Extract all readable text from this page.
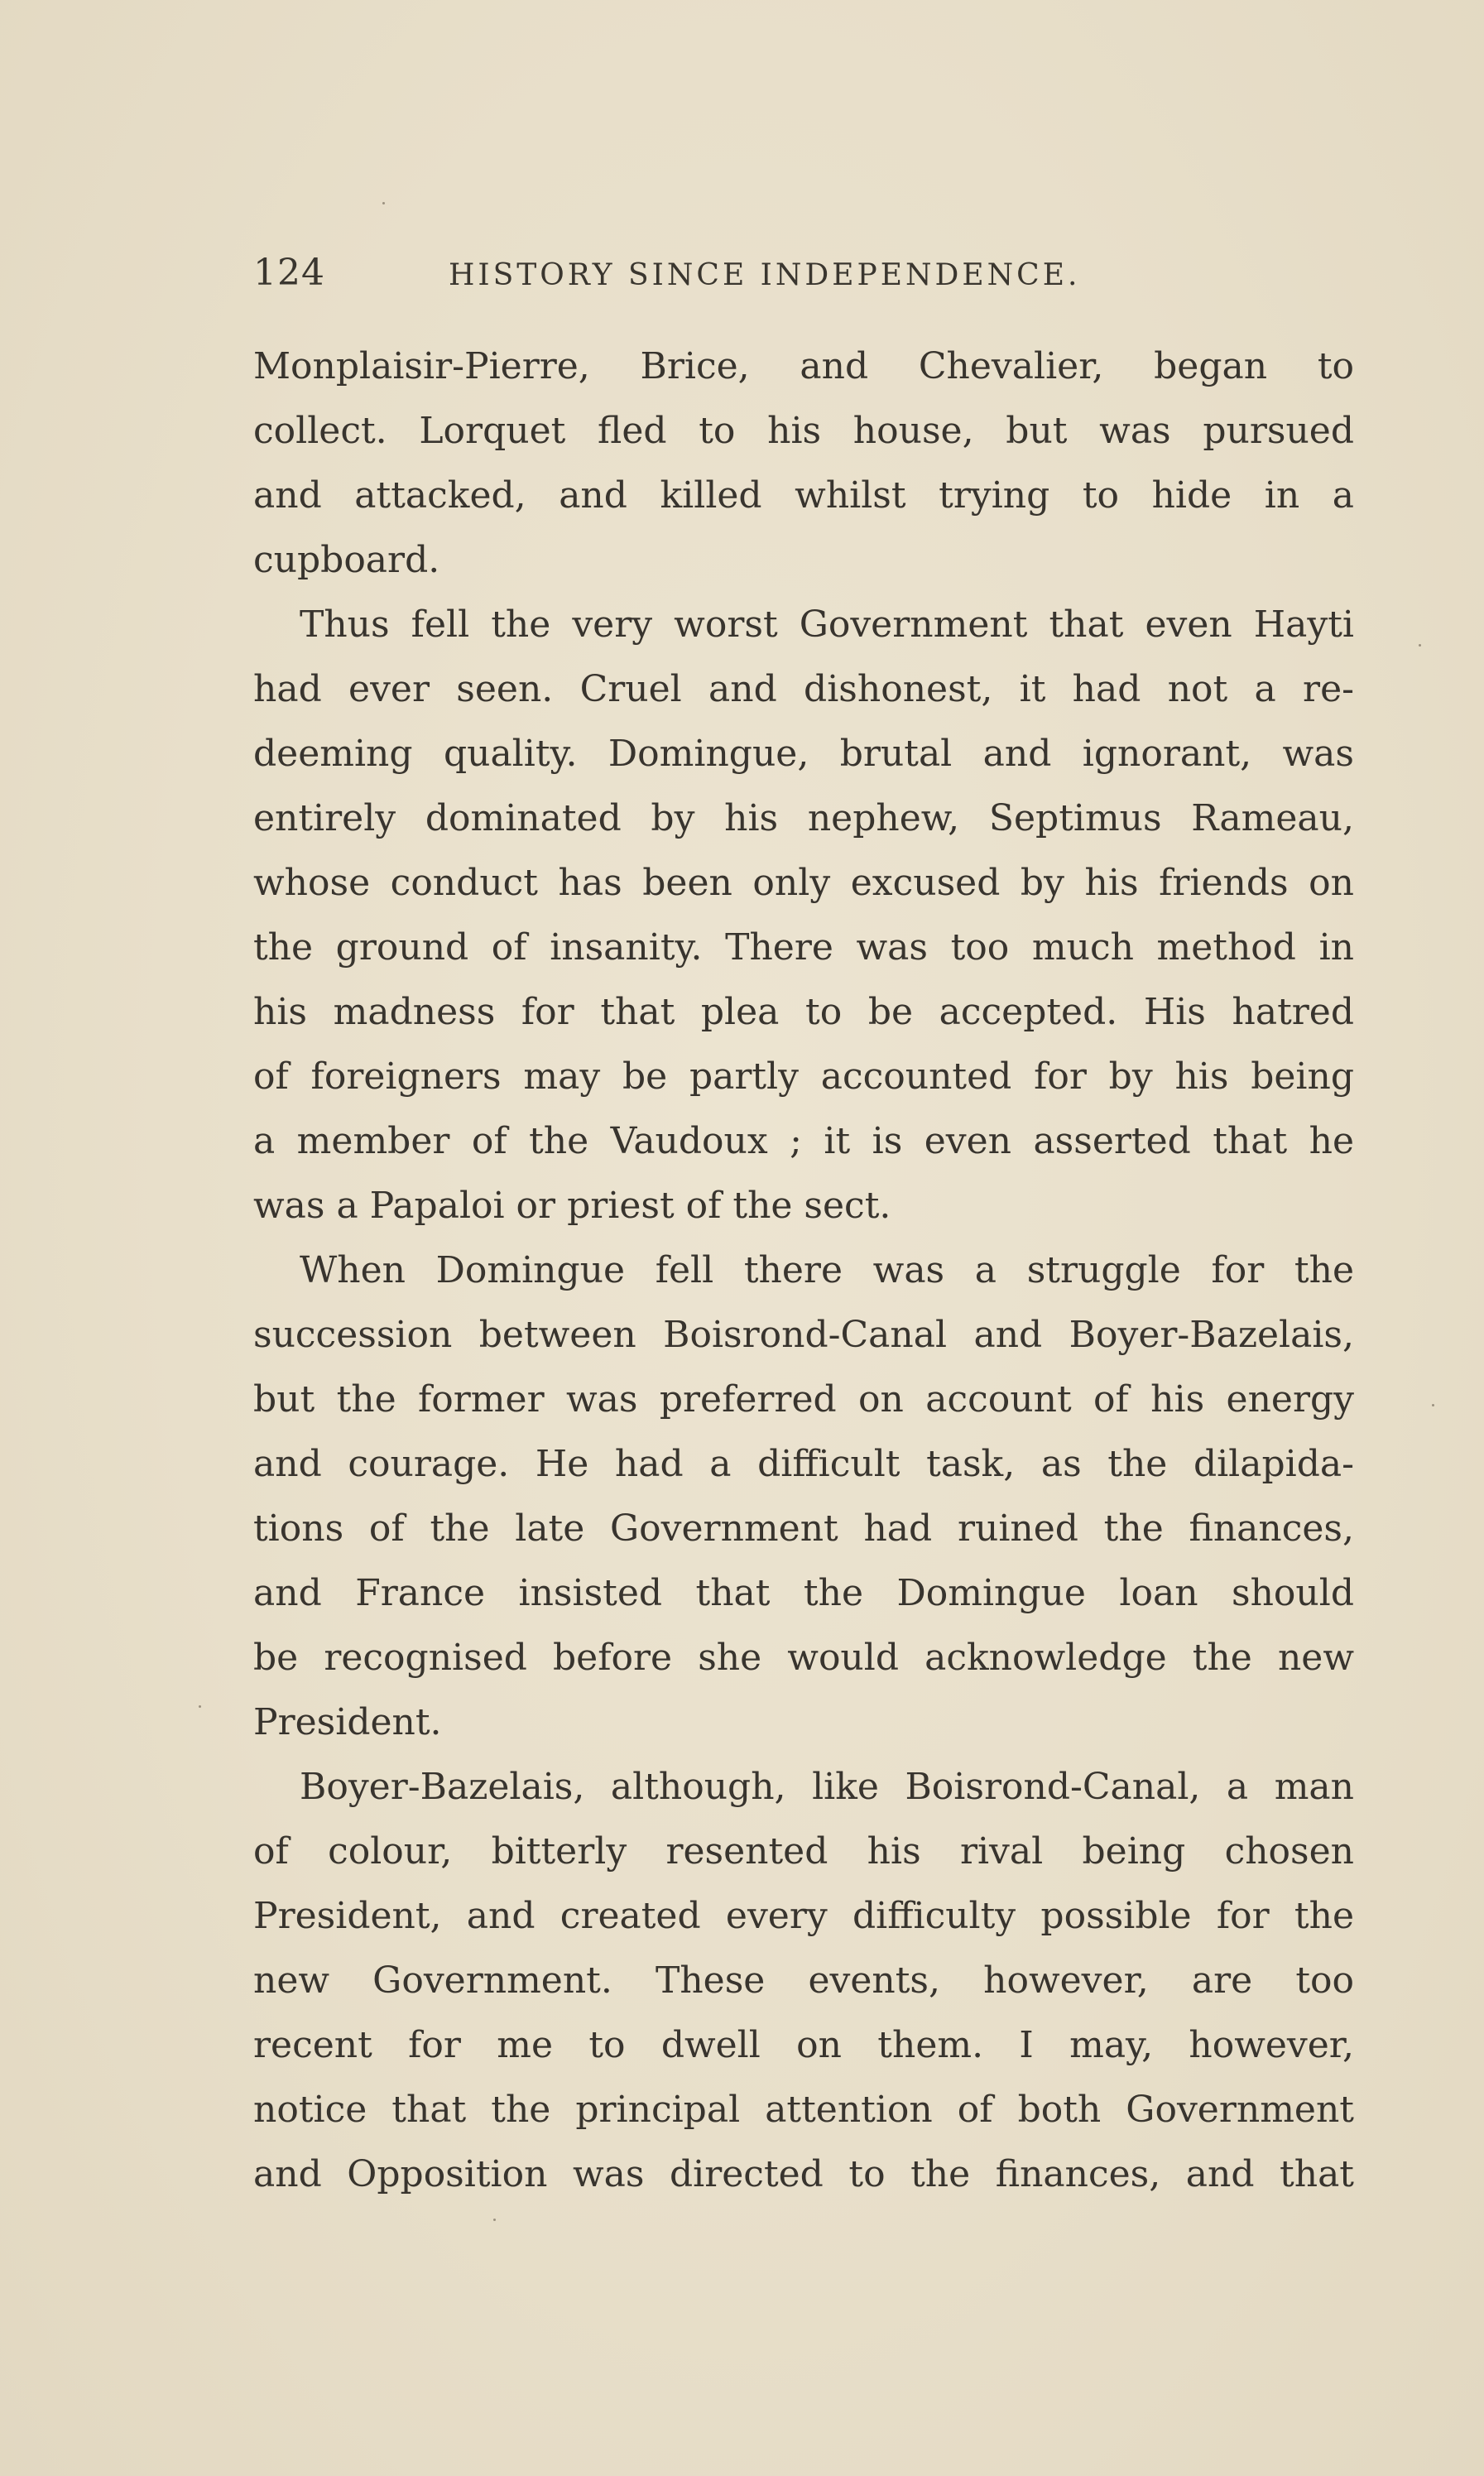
124	HISTORY SINCE INDEPENDENCE.
Monplaisir-Pierre, Brice, and Chevalier, began to
collect. Lorquet fled to his house, but was pursued
and attacked, and killed whilst trying to hide in a
cupboard.
Thus fell the very worst Government that even Hayti
had ever seen. Cruel and dishonest, it had not a re-
deeming quality. Domingue, brutal and ignorant, was
entirely dominated by his nephew, Septimus Rameau,
whose conduct has been only excused by his friends on
the ground of insanity. There was too much method in
his madness for that plea to be accepted. His hatred
of foreigners may be partly accounted for by his being
a member of the Vaudoux ; it is even asserted that he
was a Papaloi or priest of the sect.
When Domingue fell there was a struggle for the
succession between Boisrond-Canal and Boyer-Bazelais,
but the former was preferred on account of his energy
and courage. He had a difficult task, as the dilapida-
tions of the late Government had ruined the finances,
and France insisted that the Domingue loan should
be recognised before she would acknowledge the new
President.
Boyer-Bazelais, although, like Boisrond-Canal, a man
of colour, bitterly resented his rival being chosen
President, and created every difficulty possible for the
new Government. These events, however, are too
recent for me to dwell on them. I may, however,
notice that the principal attention of both Government
and Opposition was directed to the finances, and that
